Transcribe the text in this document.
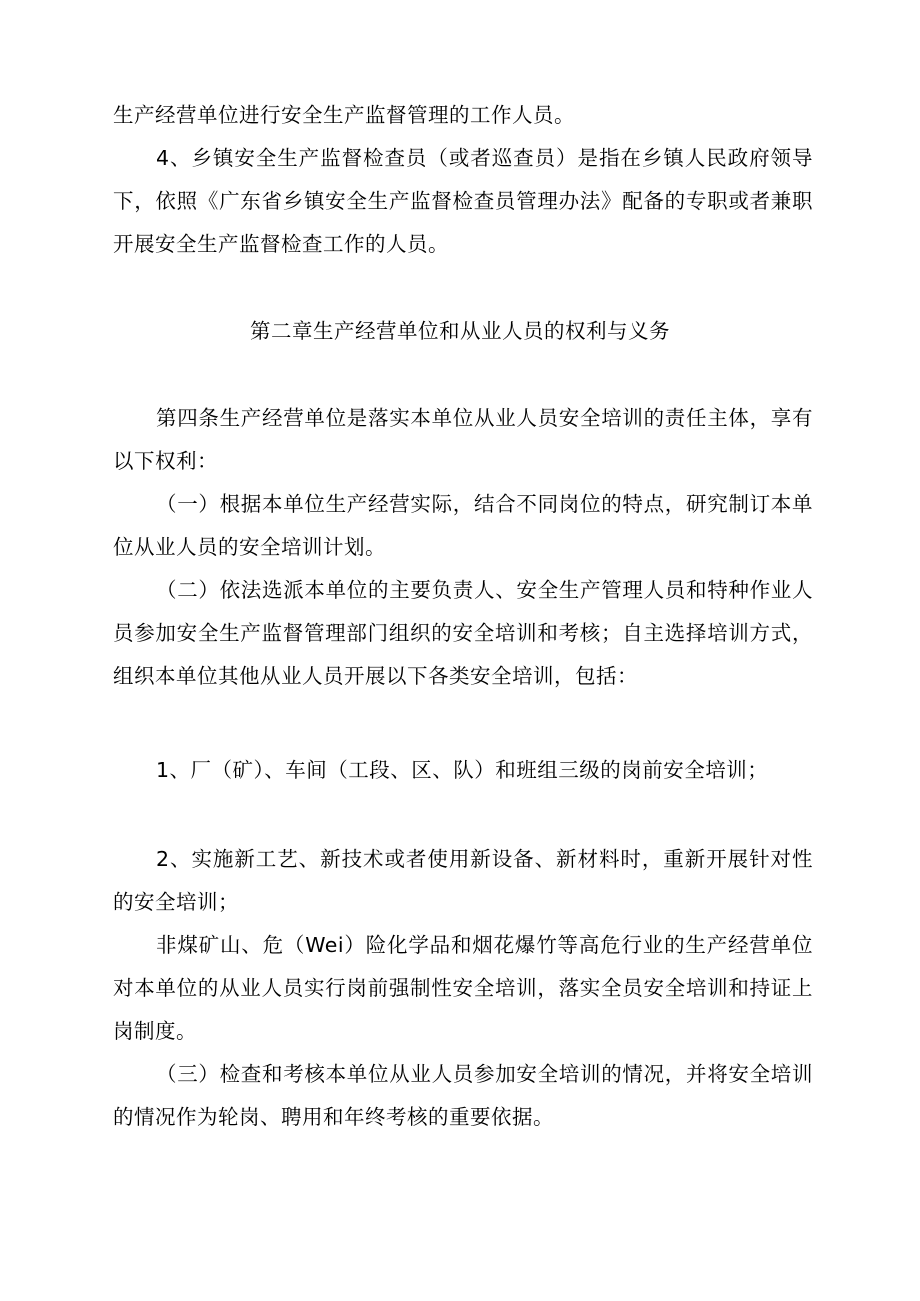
生产经营单位进行安全生产监督管理的工作人员。

4、乡镇安全生产监督检查员（或者巡查员）是指在乡镇人民政府领导下，依照《广东省乡镇安全生产监督检查员管理办法》配备的专职或者兼职开展安全生产监督检查工作的人员。

第二章生产经营单位和从业人员的权利与义务

第四条生产经营单位是落实本单位从业人员安全培训的责任主体，享有以下权利：

（一）根据本单位生产经营实际，结合不同岗位的特点，研究制订本单位从业人员的安全培训计划。

（二）依法选派本单位的主要负责人、安全生产管理人员和特种作业人员参加安全生产监督管理部门组织的安全培训和考核；自主选择培训方式，组织本单位其他从业人员开展以下各类安全培训，包括：

1、厂（矿）、车间（工段、区、队）和班组三级的岗前安全培训；

2、实施新工艺、新技术或者使用新设备、新材料时，重新开展针对性的安全培训；

非煤矿山、危（Wei）险化学品和烟花爆竹等高危行业的生产经营单位对本单位的从业人员实行岗前强制性安全培训，落实全员安全培训和持证上岗制度。

（三）检查和考核本单位从业人员参加安全培训的情况，并将安全培训的情况作为轮岗、聘用和年终考核的重要依据。
